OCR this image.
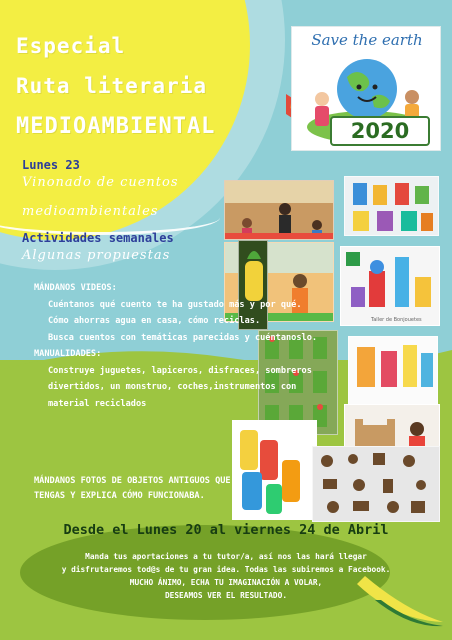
Especial
Ruta literaria
MEDIOAMBIENTAL
Save the earth
2020
Lunes 23
Vinonado de cuentos
medioambientales
Actividades semanales
Algunas propuestas
Taller de Bonjouetes
MÁNDANOS VIDEOS:
Cuéntanos qué cuento te ha gustado más y por qué.
Cómo ahorras agua en casa, cómo reciclas.
Busca cuentos con temáticas parecidas y cuéntanoslo.
MANUALIDADES:
Construye juguetes, lapiceros, disfraces, sombreros divertidos, un monstruo, coches,instrumentos con material reciclados
MÁNDANOS FOTOS DE OBJETOS ANTIGUOS QUE TENGAS Y EXPLICA CÓMO FUNCIONABA.
Desde el Lunes 20 al viernes 24 de Abril
Manda tus aportaciones a tu tutor/a, así nos las hará llegar
y disfrutaremos tod@s de tu gran idea. Todas las subiremos a Facebook.
MUCHO ÁNIMO, ECHA TU IMAGINACIÓN A VOLAR,
DESEAMOS VER EL RESULTADO.
